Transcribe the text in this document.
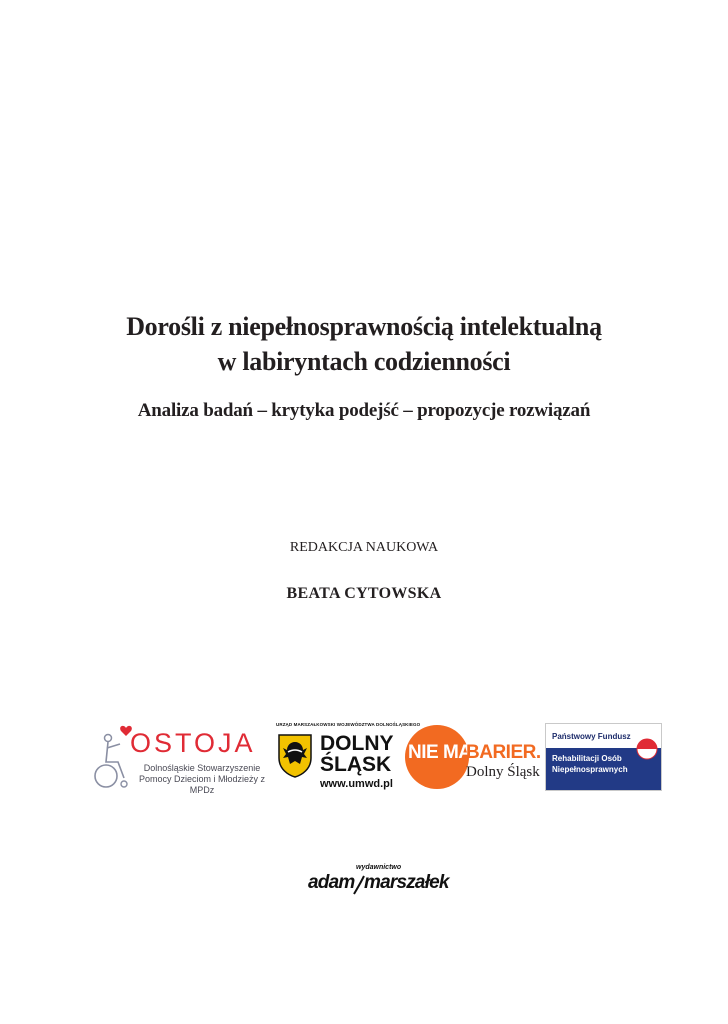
Dorośli z niepełnosprawnością intelektualną
w labiryntach codzienności
Analiza badań – krytyka podejść – propozycje rozwiązań
REDAKCJA NAUKOWA
BEATA CYTOWSKA
OSTOJA
Dolnośląskie Stowarzyszenie
Pomocy Dzieciom i Młodzieży z MPDz
URZĄD MARSZAŁKOWSKI WOJEWÓDZTWA DOLNOŚLĄSKIEGO
DOLNY
ŚLĄSK
www.umwd.pl
NIE MA
BARIER.
Dolny Śląsk
Państwowy Fundusz
Rehabilitacji Osób
Niepełnosprawnych
wydawnictwo
adam marszałek
